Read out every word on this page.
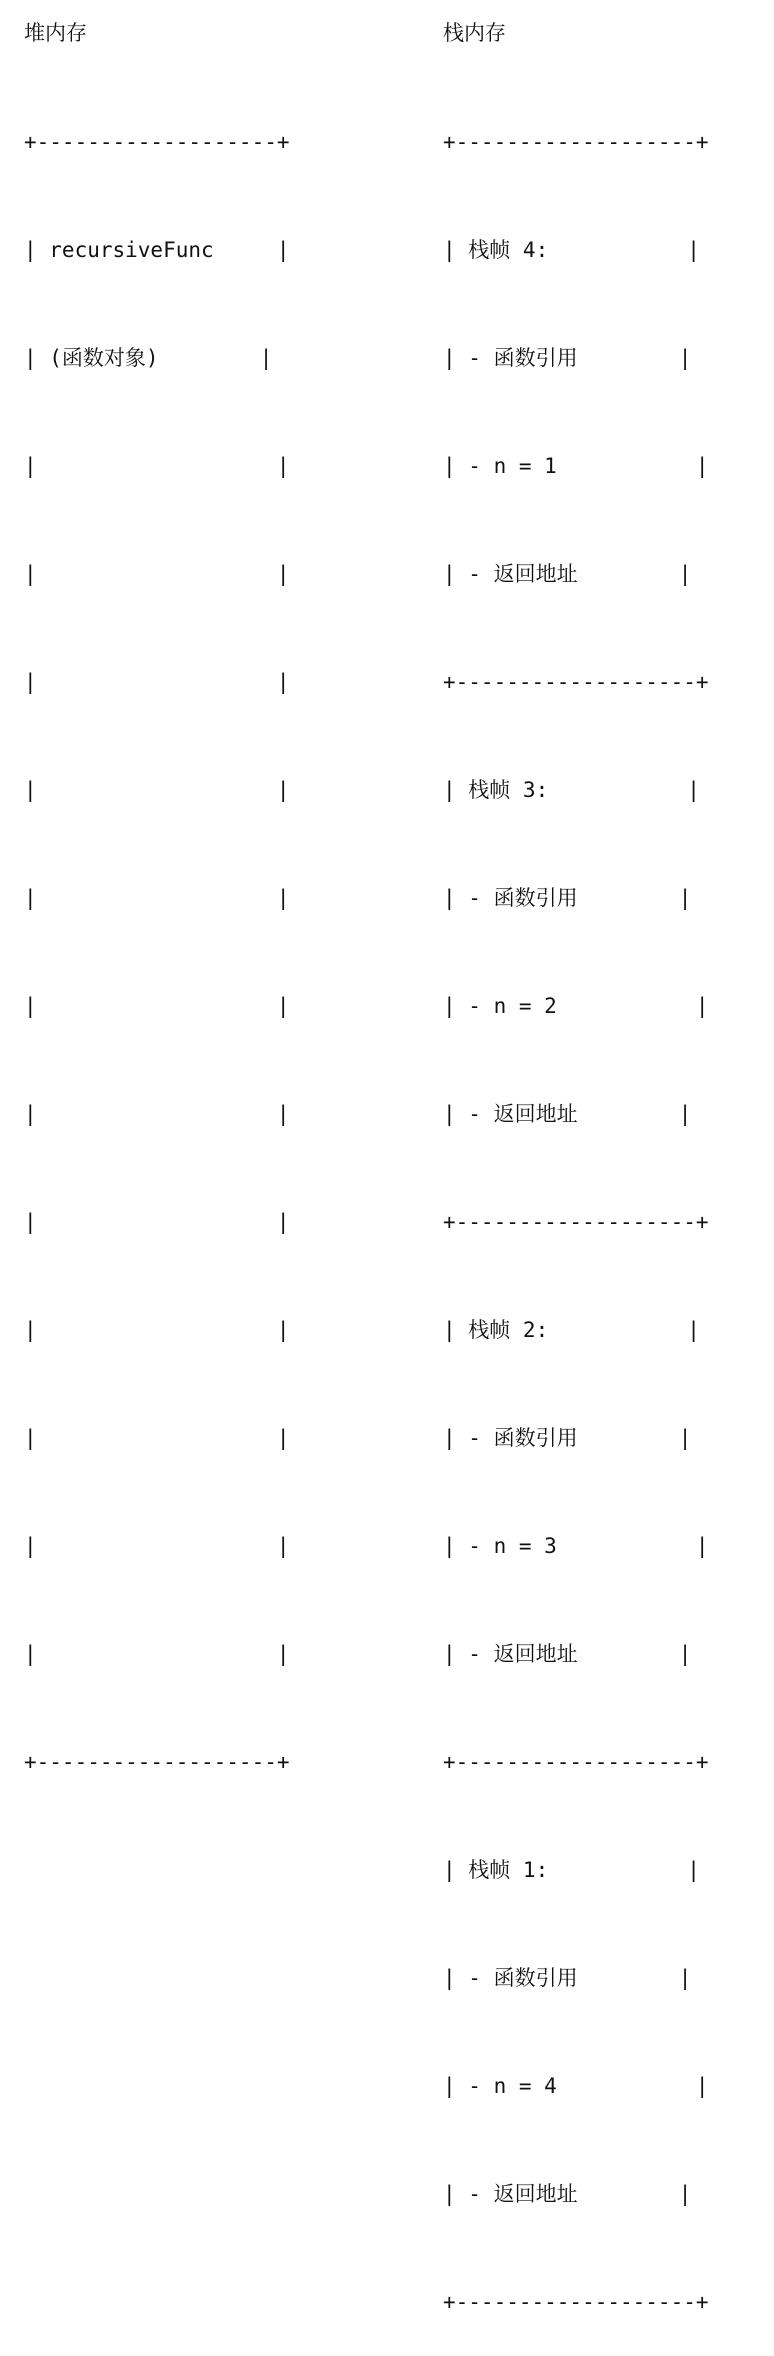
堆内存	栈内存

+-------------------+

| recursiveFunc     |

| (函数对象)        |

|                   |

|                   |

|                   |

|                   |

|                   |

|                   |

|                   |

|                   |

|                   |

|                   |

|                   |

|                   |

+-------------------+

+-------------------+

| 栈帧 4:           |

| - 函数引用        |

| - n = 1           |

| - 返回地址        |

+-------------------+

| 栈帧 3:           |

| - 函数引用        |

| - n = 2           |

| - 返回地址        |

+-------------------+

| 栈帧 2:           |

| - 函数引用        |

| - n = 3           |

| - 返回地址        |

+-------------------+

| 栈帧 1:           |

| - 函数引用        |

| - n = 4           |

| - 返回地址        |

+-------------------+
